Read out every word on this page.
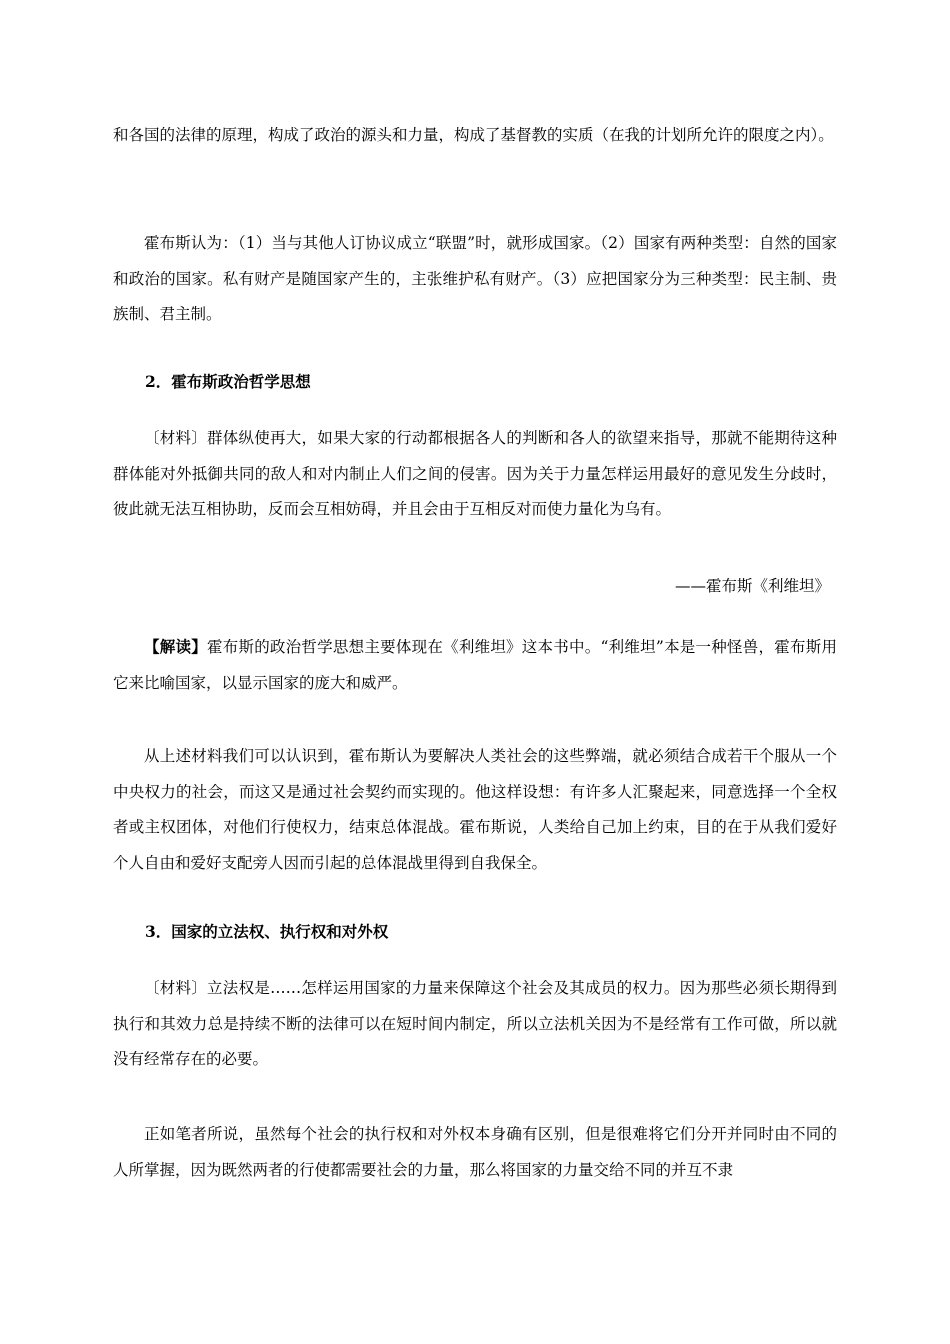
和各国的法律的原理，构成了政治的源头和力量，构成了基督教的实质（在我的计划所允许的限度之内）。

霍布斯认为：（1）当与其他人订协议成立“联盟”时，就形成国家。（2）国家有两种类型：自然的国家和政治的国家。私有财产是随国家产生的，主张维护私有财产。（3）应把国家分为三种类型：民主制、贵族制、君主制。

2．霍布斯政治哲学思想

〔材料〕群体纵使再大，如果大家的行动都根据各人的判断和各人的欲望来指导，那就不能期待这种群体能对外抵御共同的敌人和对内制止人们之间的侵害。因为关于力量怎样运用最好的意见发生分歧时，彼此就无法互相协助，反而会互相妨碍，并且会由于互相反对而使力量化为乌有。

——霍布斯《利维坦》

【解读】霍布斯的政治哲学思想主要体现在《利维坦》这本书中。“利维坦”本是一种怪兽，霍布斯用它来比喻国家，以显示国家的庞大和威严。

从上述材料我们可以认识到，霍布斯认为要解决人类社会的这些弊端，就必须结合成若干个服从一个中央权力的社会，而这又是通过社会契约而实现的。他这样设想：有许多人汇聚起来，同意选择一个全权者或主权团体，对他们行使权力，结束总体混战。霍布斯说，人类给自己加上约束，目的在于从我们爱好个人自由和爱好支配旁人因而引起的总体混战里得到自我保全。

3．国家的立法权、执行权和对外权

〔材料〕立法权是……怎样运用国家的力量来保障这个社会及其成员的权力。因为那些必须长期得到执行和其效力总是持续不断的法律可以在短时间内制定，所以立法机关因为不是经常有工作可做，所以就没有经常存在的必要。

正如笔者所说，虽然每个社会的执行权和对外权本身确有区别，但是很难将它们分开并同时由不同的人所掌握，因为既然两者的行使都需要社会的力量，那么将国家的力量交给不同的并互不隶
